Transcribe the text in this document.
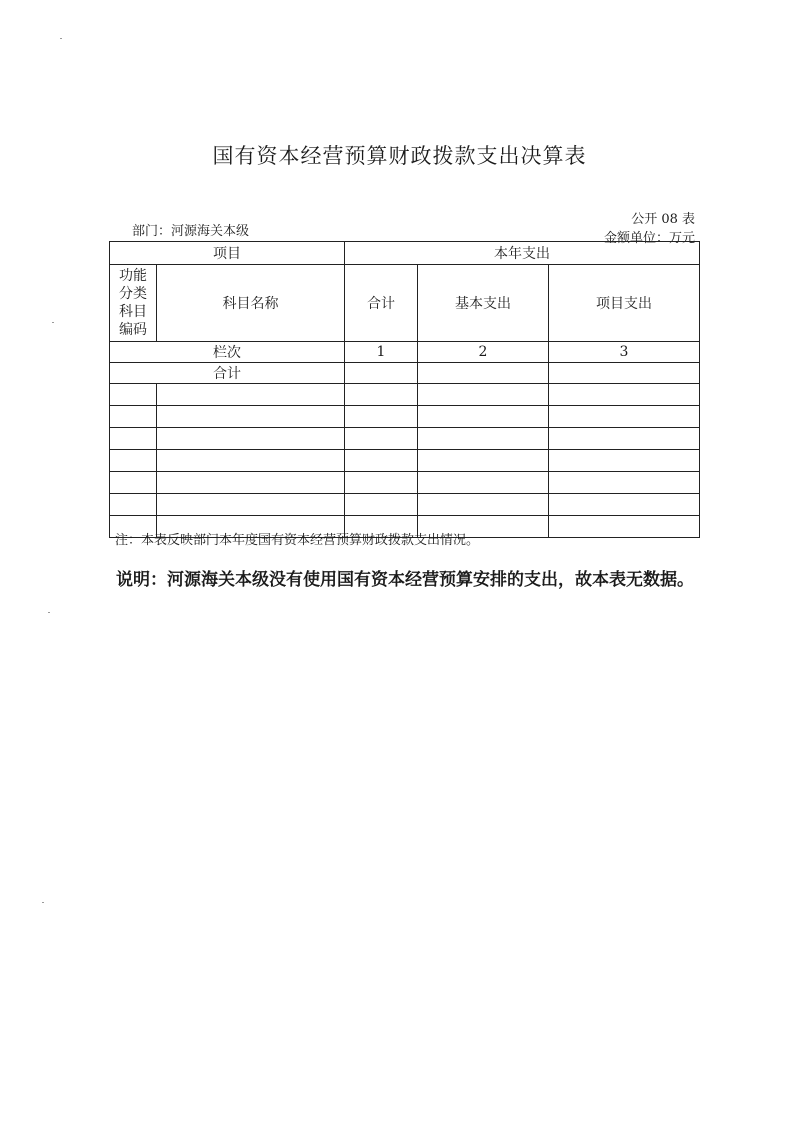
国有资本经营预算财政拨款支出决算表
公开 08 表
金额单位：万元
部门：河源海关本级
项目		本年支出		

功能
分类
科目
编码	科目名称	合计	基本支出	项目支出
栏次		1	2	3
合计				

注：本表反映部门本年度国有资本经营预算财政拨款支出情况。
说明：河源海关本级没有使用国有资本经营预算安排的支出，故本表无数据。
